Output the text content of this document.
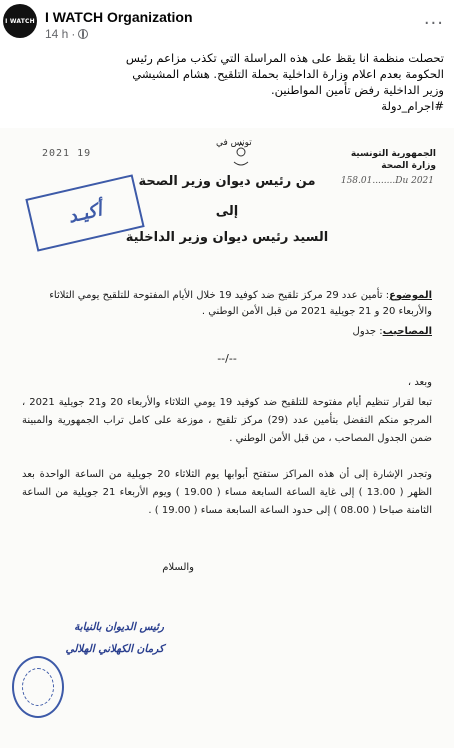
I WATCH I WATCH Organization
14 h ·	···
تحصلت منظمة انا يقظ على هذه المراسلة التي تكذب مزاعم رئيس
الحكومة بعدم اعلام وزارة الداخلية بحملة التلقيح. هشام المشيشي
وزير الداخلية رفض تأمين المواطنين.
#اجرام_دولة
الجمهورية التونسية
وزارة الصحة
تونس في
158.01........Du 2021
2021 19
أكيـد
من رئيس ديوان وزير الصحة
إلى
السيد رئيس ديوان وزير الداخلية
الموضوع: تأمين عدد 29 مركز تلقيح ضد كوفيد 19 خلال الأيام المفتوحة للتلقيح يومي الثلاثاء والأربعاء 20 و 21 جويلية 2021 من قبل الأمن الوطني .
المصاحيب: جدول
--/--
وبعد ،
تبعا لقرار تنظيم أيام مفتوحة للتلقيح ضد كوفيد 19 يومي الثلاثاء والأربعاء 20 و21 جويلية 2021 ، المرجو منكم التفضل بتأمين عدد (29) مركز تلقيح ، موزعة على كامل تراب الجمهورية والمبينة ضمن الجدول المصاحب ، من قبل الأمن الوطني .
وتجدر الإشارة إلى أن هذه المراكز ستفتح أبوابها يوم الثلاثاء 20 جويلية من الساعة الواحدة بعد الظهر ( 13.00 ) إلى غاية الساعة السابعة مساء ( 19.00 ) ويوم الأربعاء 21 جويلية من الساعة الثامنة صباحا ( 08.00 ) إلى حدود الساعة السابعة مساء ( 19.00 ) .
والسلام
رئيس الديوان بالنيابة
كرمان الكهلاني الهلالي
